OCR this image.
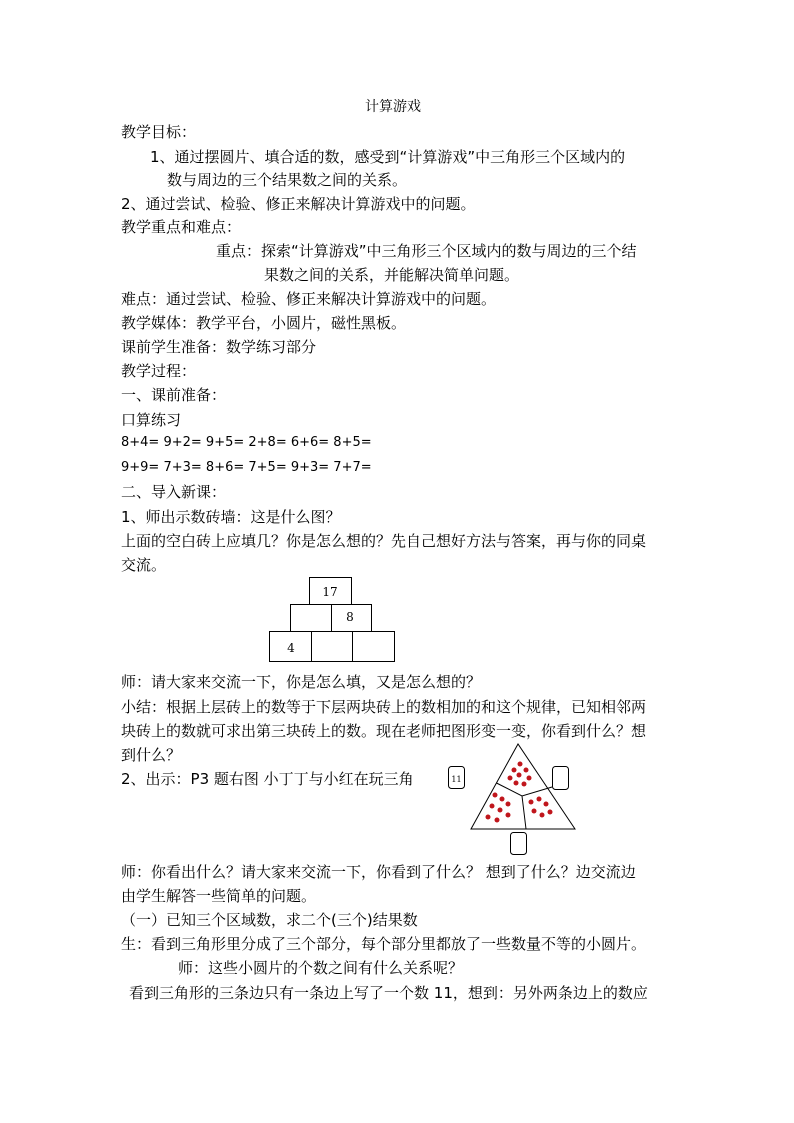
计算游戏
教学目标：
1、通过摆圆片、填合适的数，感受到“计算游戏”中三角形三个区域内的
数与周边的三个结果数之间的关系。
2、通过尝试、检验、修正来解决计算游戏中的问题。
教学重点和难点：
重点：探索“计算游戏”中三角形三个区域内的数与周边的三个结
果数之间的关系，并能解决简单问题。
难点：通过尝试、检验、修正来解决计算游戏中的问题。
教学媒体：教学平台，小圆片，磁性黑板。
课前学生准备：数学练习部分
教学过程：
一、课前准备：
口算练习
8+4= 9+2= 9+5= 2+8= 6+6= 8+5=
9+9= 7+3= 8+6= 7+5= 9+3= 7+7=
二、导入新课：
1、师出示数砖墙：这是什么图？
上面的空白砖上应填几？你是怎么想的？先自己想好方法与答案，再与你的同桌
交流。
17
8
4
师：请大家来交流一下，你是怎么填，又是怎么想的？
小结：根据上层砖上的数等于下层两块砖上的数相加的和这个规律，已知相邻两
块砖上的数就可求出第三块砖上的数。现在老师把图形变一变，你看到什么？想
到什么？
2、出示：P3 题右图 小丁丁与小红在玩三角	11
师：你看出什么？请大家来交流一下，你看到了什么？ 想到了什么？边交流边
由学生解答一些简单的问题。
（一）已知三个区域数，求二个(三个)结果数
生：看到三角形里分成了三个部分，每个部分里都放了一些数量不等的小圆片。
师：这些小圆片的个数之间有什么关系呢？
看到三角形的三条边只有一条边上写了一个数 11，想到：另外两条边上的数应
